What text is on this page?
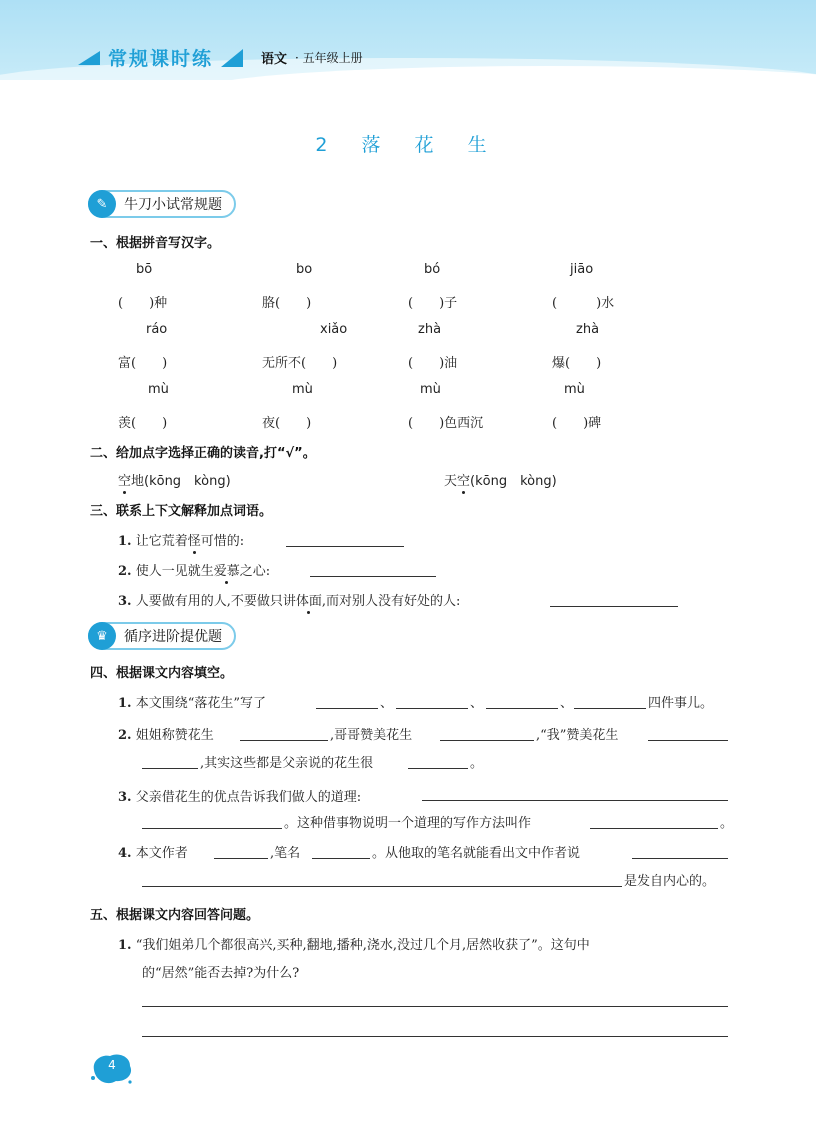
常规课时练	语文 · 五年级上册
2 落 花 生
✎	牛刀小试常规题
一、根据拼音写汉字。
bō	bo	bó	jiāo
(　　)种	胳(　　)	(　　)子	(　　　)水
ráo	xiǎo	zhà	zhà
富(　　)	无所不(　　)	(　　)油	爆(　　)
mù	mù	mù	mù
羡(　　)	夜(　　)	(　　)色西沉	(　　)碑
二、给加点字选择正确的读音,打“√”。
空地(kōng　kòng)	天空(kōng　kòng)
三、联系上下文解释加点词语。
1. 让它荒着怪可惜的:
2. 使人一见就生爱慕之心:
3. 人要做有用的人,不要做只讲体面,而对别人没有好处的人:
♛	循序进阶提优题
四、根据课文内容填空。
1. 本文围绕“落花生”写了	、	、	、	四件事儿。
2. 姐姐称赞花生	,哥哥赞美花生	,“我”赞美花生
,其实这些都是父亲说的花生很	。
3. 父亲借花生的优点告诉我们做人的道理:
。这种借事物说明一个道理的写作方法叫作	。
4. 本文作者	,笔名	。从他取的笔名就能看出文中作者说
是发自内心的。
五、根据课文内容回答问题。
1. “我们姐弟几个都很高兴,买种,翻地,播种,浇水,没过几个月,居然收获了”。这句中
的“居然”能否去掉?为什么?
4
